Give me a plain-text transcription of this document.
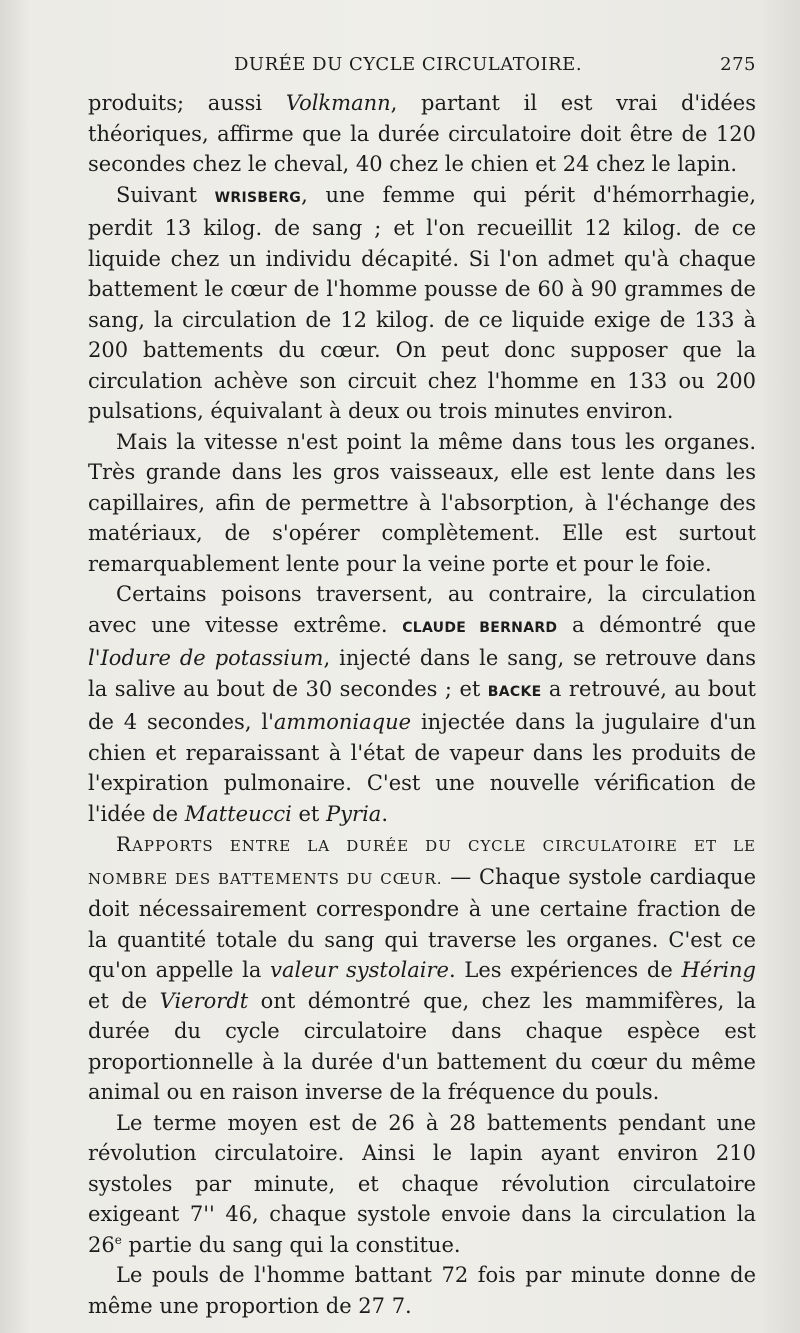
DURÉE DU CYCLE CIRCULATOIRE.	275

produits; aussi Volkmann, partant il est vrai d'idées théoriques, affirme que la durée circulatoire doit être de 120 secondes chez le cheval, 40 chez le chien et 24 chez le lapin.

Suivant WRISBERG, une femme qui périt d'hémorrhagie, perdit 13 kilog. de sang ; et l'on recueillit 12 kilog. de ce liquide chez un individu décapité. Si l'on admet qu'à chaque battement le cœur de l'homme pousse de 60 à 90 grammes de sang, la circulation de 12 kilog. de ce liquide exige de 133 à 200 battements du cœur. On peut donc supposer que la circulation achève son circuit chez l'homme en 133 ou 200 pulsations, équivalant à deux ou trois minutes environ.

Mais la vitesse n'est point la même dans tous les organes. Très grande dans les gros vaisseaux, elle est lente dans les capillaires, afin de permettre à l'absorption, à l'échange des matériaux, de s'opérer complètement. Elle est surtout remarquablement lente pour la veine porte et pour le foie.

Certains poisons traversent, au contraire, la circulation avec une vitesse extrême. CLAUDE BERNARD a démontré que l'Iodure de potassium, injecté dans le sang, se retrouve dans la salive au bout de 30 secondes ; et BACKE a retrouvé, au bout de 4 secondes, l'ammoniaque injectée dans la jugulaire d'un chien et reparaissant à l'état de vapeur dans les produits de l'expiration pulmonaire. C'est une nouvelle vérification de l'idée de Matteucci et Pyria.

RAPPORTS ENTRE LA DURÉE DU CYCLE CIRCULATOIRE ET LE NOMBRE DES BATTEMENTS DU CŒUR. — Chaque systole cardiaque doit nécessairement correspondre à une certaine fraction de la quantité totale du sang qui traverse les organes. C'est ce qu'on appelle la valeur systolaire. Les expériences de Héring et de Vierordt ont démontré que, chez les mammifères, la durée du cycle circulatoire dans chaque espèce est proportionnelle à la durée d'un battement du cœur du même animal ou en raison inverse de la fréquence du pouls.

Le terme moyen est de 26 à 28 battements pendant une révolution circulatoire. Ainsi le lapin ayant environ 210 systoles par minute, et chaque révolution circulatoire exigeant 7'' 46, chaque systole envoie dans la circulation la 26e partie du sang qui la constitue.

Le pouls de l'homme battant 72 fois par minute donne de même une proportion de 27 7.
